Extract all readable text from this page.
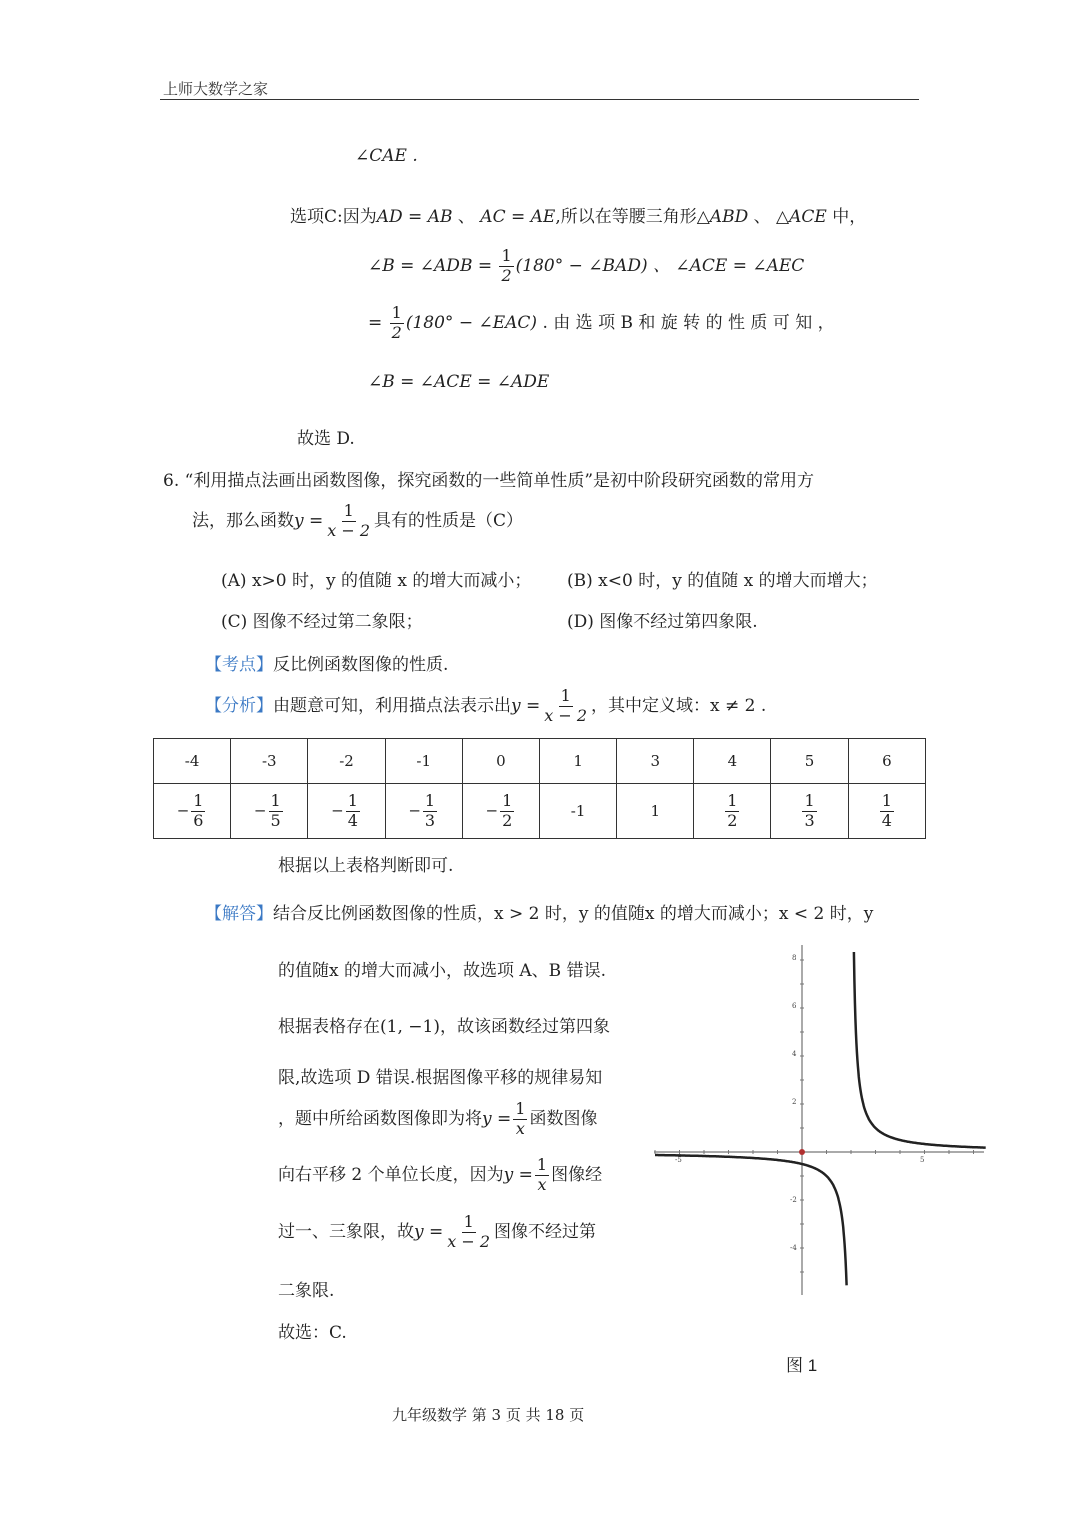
上师大数学之家
∠CAE .
选项C:因为AD = AB 、 AC = AE,所以在等腰三角形△ABD 、 △ACE 中，
∠B = ∠ADB = $\frac{1}{2} (180^\circ$ − ∠BAD) 、 ∠ACE = ∠AEC
= $\frac{1}{2} (180^\circ$ − ∠EAC) . 由 选 项 B 和 旋 转 的 性 质 可 知 ，
∠B = ∠ACE = ∠ADE
故选 D.
6. “利用描点法画出函数图像，探究函数的一些简单性质”是初中阶段研究函数的常用方
法，那么函数$y = \frac{1}{x - 2}$ 具有的性质是（C）
(A) x>0 时，y 的值随 x 的增大而减小； (B) x<0 时，y 的值随 x 的增大而增大；
(C) 图像不经过第二象限；	(D) 图像不经过第四象限.
【考点】反比例函数图像的性质.
【分析】由题意可知，利用描点法表示出$y = \frac{1}{x - 2}$ ，其中定义域：x ≠ 2 .
-4	-3	-2	-1	0	1	3	4	5	6
− $\frac{1}{6}$	− $\frac{1}{5}$	− $\frac{1}{4}$	− $\frac{1}{3}$	− $\frac{1}{2}$	-1	1	$\frac{1}{2}$	$\frac{1}{3}$	$\frac{1}{4}$
根据以上表格判断即可.
【解答】结合反比例函数图像的性质，x > 2 时，y 的值随x 的增大而减小；x < 2 时，y
的值随x 的增大而减小，故选项 A、B 错误.
根据表格存在(1, −1)，故该函数经过第四象
限,故选项 D 错误.根据图像平移的规律易知
，题中所给函数图像即为将$y = \frac{1}{x}$ 函数图像
向右平移 2 个单位长度，因为$y = \frac{1}{x}$ 图像经
过一、三象限，故$y = \frac{1}{x - 2}$ 图像不经过第
二象限.
故选：C.
-5	5
8
6
4
2
-2
-4
图 1
九年级数学 第 3 页 共 18 页
